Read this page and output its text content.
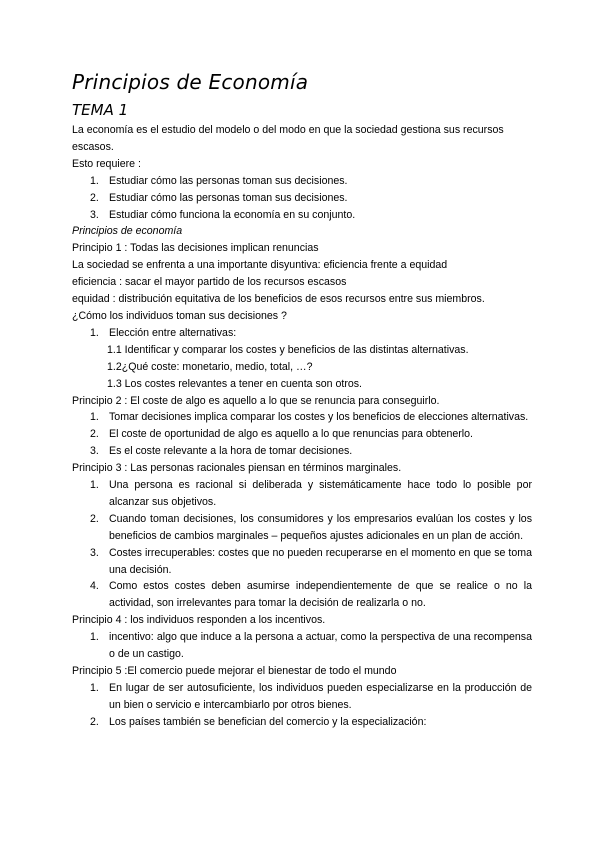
Principios de Economía
TEMA 1
La economía es el estudio del modelo o del modo en que la sociedad gestiona sus recursos escasos.
Esto requiere :
1. Estudiar cómo las personas toman sus decisiones.
2. Estudiar cómo las personas toman sus decisiones.
3. Estudiar cómo funciona la economía en su conjunto.
Principios de economía
Principio 1 : Todas las decisiones implican renuncias
La sociedad se enfrenta a una importante disyuntiva: eficiencia frente a equidad
eficiencia : sacar el mayor partido de los recursos escasos
equidad : distribución equitativa de los beneficios de esos recursos entre sus miembros.
¿Cómo los individuos toman sus decisiones ?
1. Elección entre alternativas:
1.1 Identificar y comparar los costes y beneficios de las distintas alternativas.
1.2¿Qué coste: monetario, medio, total, …?
1.3 Los costes relevantes a tener en cuenta son otros.
Principio 2 : El coste de algo es aquello a lo que se renuncia para conseguirlo.
1. Tomar decisiones implica comparar los costes y los beneficios de elecciones alternativas.
2. El coste de oportunidad de algo es aquello a lo que renuncias para obtenerlo.
3. Es el coste relevante a la hora de tomar decisiones.
Principio 3 : Las personas racionales piensan en términos marginales.
1. Una persona es racional si deliberada y sistemáticamente hace todo lo posible por alcanzar sus objetivos.
2. Cuando toman decisiones, los consumidores y los empresarios evalúan los costes y los beneficios de cambios marginales – pequeños ajustes adicionales en un plan de acción.
3. Costes irrecuperables: costes que no pueden recuperarse en el momento en que se toma una decisión.
4. Como estos costes deben asumirse independientemente de que se realice o no la actividad, son irrelevantes para tomar la decisión de realizarla o no.
Principio 4 : los individuos responden a los incentivos.
1. incentivo: algo que induce a la persona a actuar, como la perspectiva de una recompensa o de un castigo.
Principio 5 :El comercio puede mejorar el bienestar de todo el mundo
1. En lugar de ser autosuficiente, los individuos pueden especializarse en la producción de un bien o servicio e intercambiarlo por otros bienes.
2. Los países también se benefician del comercio y la especialización:
